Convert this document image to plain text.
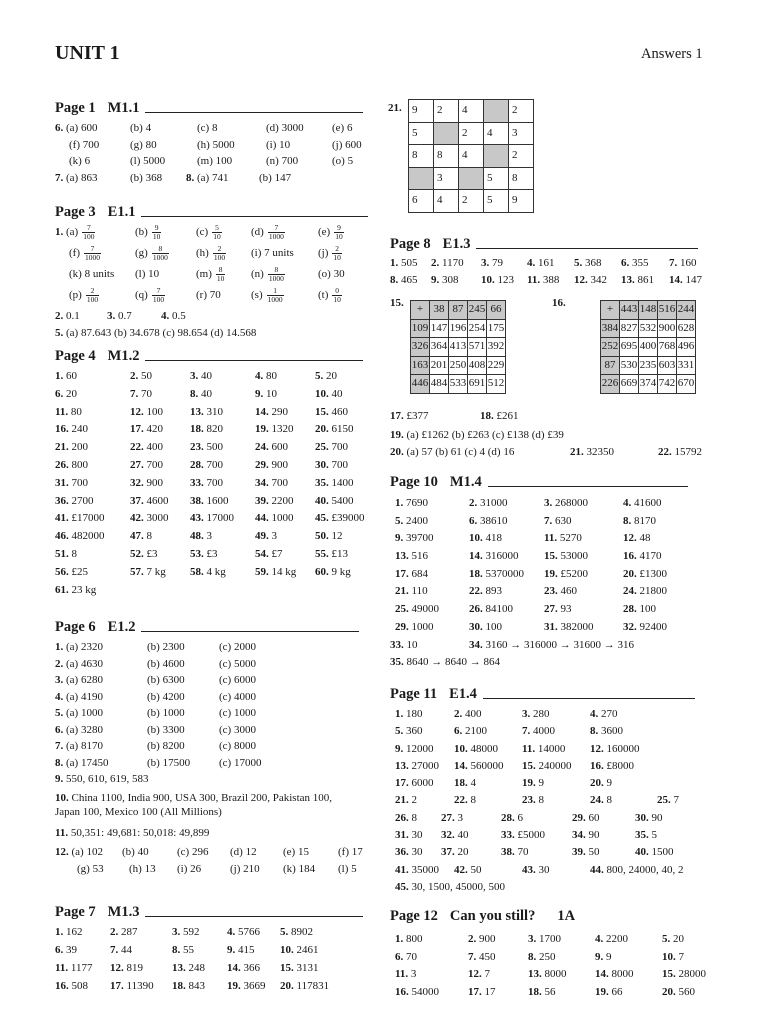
UNIT 1	Answers 1
Page 1 M1.1
6. (a) 600	(b) 4	(c) 8	(d) 3000	(e) 6
(f) 700	(g) 80	(h) 5000	(i) 10	(j) 600
(k) 6	(l) 5000	(m) 100	(n) 700	(o) 5
7. (a) 863	(b) 368 8. (a) 741	(b) 147
Page 3 E1.1
1. $(a) \frac{7}{100}$	$(b) \frac{9}{10}$	$(c) \frac{5}{10}$	$(d) \frac{7}{1000}$	$(e) \frac{9}{10}$
$(f) \frac{7}{1000}$	$(g) \frac{8}{1000} (h) \frac{2}{100} (i)$ 7 units $(j) \frac{2}{10}$
(k) 8 units (l) 10	$(m) \frac{8}{10} (n) \frac{8}{1000}$	(o) 30
$(p) \frac{2}{100}$	$(q) \frac{7}{100}$	(r) 70	$(s) \frac{1}{1000}$	$(t) \frac{0}{10}$
2. 0.1 3. 0.7	4. 0.5
5. (a) 87.643 (b) 34.678 (c) 98.654 (d) 14.568
Page 4 M1.2
1. 60	2. 50	3. 40	4. 80	5. 20
6. 20	7. 70	8. 40	9. 10	10. 40
11. 80	12. 100 13. 310	14. 290 15. 460
16. 240	17. 420 18. 820	19. 1320 20. 6150
21. 200	22. 400 23. 500	24. 600 25. 700
26. 800	27. 700 28. 700	29. 900 30. 700
31. 700	32. 900 33. 700	34. 700 35. 1400
36. 2700	37. 4600 38. 1600 39. 2200 40. 5400
41. £17000 42. 3000 43. 17000 44. 1000 45. £39000
46. 482000 47. 8	48. 3	49. 3	50. 12
51. 8	52. £3	53. £3	54. £7	55. £13
56. £25	57. 7 kg 58. 4 kg	59. 14 kg 60. 9 kg
61. 23 kg
Page 6 E1.2
1. (a) 2320	(b) 2300	(c) 2000
2. (a) 4630	(b) 4600	(c) 5000
3. (a) 6280	(b) 6300	(c) 6000
4. (a) 4190	(b) 4200	(c) 4000
5. (a) 1000	(b) 1000	(c) 1000
6. (a) 3280	(b) 3300	(c) 3000
7. (a) 8170	(b) 8200	(c) 8000
8. (a) 17450	(b) 17500	(c) 17000
9. 550, 610, 619, 583
10. China 1100, India 900, USA 300, Brazil 200, Pakistan 100, Japan 100, Mexico 100 (All Millions)
11. 50,351: 49,681: 50,018: 49,899
12. (a) 102 (b) 40	(c) 296 (d) 12 (e) 15	(f) 17
(g) 53 (h) 13 (i) 26	(j) 210 (k) 184 (l) 5
Page 7 M1.3
1. 162	2. 287	3. 592	4. 5766 5. 8902
6. 39	7. 44	8. 55	9. 415 10. 2461
11. 1177 12. 819	13. 248 14. 366 15. 3131
16. 508 17. 11390 18. 843 19. 3669 20. 117831
21. 9	2	4		2
5		2	4	3
8	8	4		2
	3		5	8
6	4	2	5	9
Page 8 E1.3
1. 505 2. 1170 3. 79 4. 161 5. 368 6. 355 7. 160
8. 465 9. 308 10. 123 11. 388 12. 342 13. 861 14. 147
15.
+	38	87	245	66
109	147	196	254	175
326	364	413	571	392
163	201	250	408	229
446	484	533	691	512
16.
+	443	148	516	244
384	827	532	900	628
252	695	400	768	496
87	530	235	603	331
226	669	374	742	670
17. £377	18. £261
19. (a) £1262 (b) £263 (c) £138 (d) £39
20. (a) 57 (b) 61 (c) 4 (d) 16	21. 32350	22. 15792
Page 10 M1.4
1. 7690	2. 31000	3. 268000	4. 41600
5. 2400	6. 38610	7. 630	8. 8170
9. 39700	10. 418	11. 5270	12. 48
13. 516	14. 316000 15. 53000	16. 4170
17. 684	18. 5370000 19. £5200	20. £1300
21. 110	22. 893	23. 460	24. 21800
25. 49000	26. 84100	27. 93	28. 100
29. 1000	30. 100	31. 382000	32. 92400
33. 10	34. 3160 → 316000 → 31600 → 316
35. 8640 → 8640 → 864
Page 11 E1.4
1. 180	2. 400	3. 280	4. 270
5. 360	6. 2100	7. 4000	8. 3600
9. 12000 10. 48000 11. 14000 12. 160000
13. 27000 14. 560000 15. 240000 16. £8000
17. 6000 18. 4	19. 9	20. 9
21. 2	22. 8	23. 8	24. 8	25. 7
26. 8 27. 3	28. 6	29. 60	30. 90
31. 30 32. 40	33. £5000 34. 90	35. 5
36. 30 37. 20	38. 70	39. 50	40. 1500
41. 35000 42. 50	43. 30	44. 800, 24000, 40, 2
45. 30, 1500, 45000, 500
Page 12 Can you still? 1A
1. 800	2. 900	3. 1700	4. 2200	5. 20
6. 70	7. 450	8. 250	9. 9	10. 7
11. 3	12. 7	13. 8000	14. 8000	15. 28000
16. 54000	17. 17	18. 56	19. 66	20. 560
